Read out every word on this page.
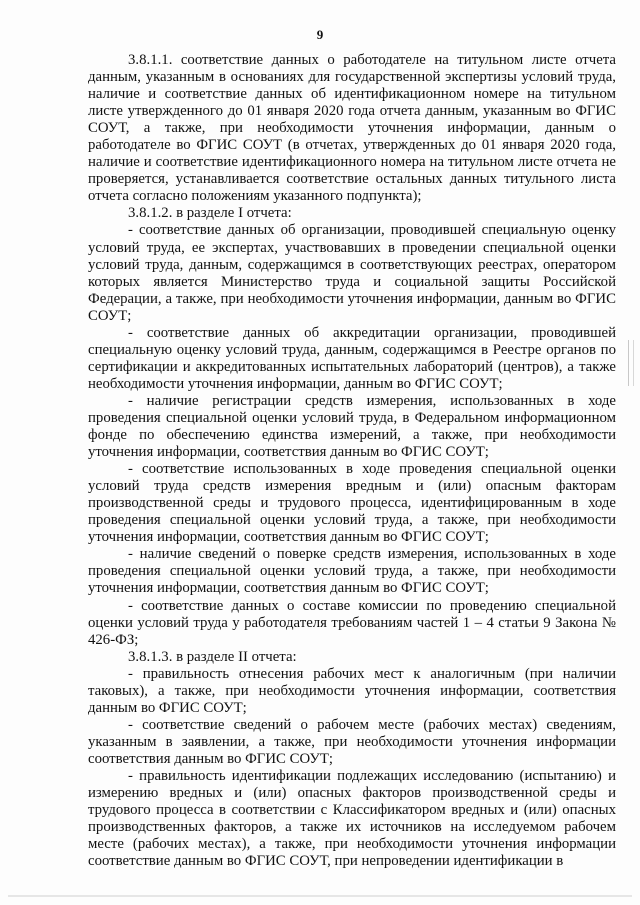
9

3.8.1.1. соответствие данных о работодателе на титульном листе отчета данным, указанным в основаниях для государственной экспертизы условий труда, наличие и соответствие данных об идентификационном номере на титульном листе утвержденного до 01 января 2020 года отчета данным, указанным во ФГИС СОУТ, а также, при необходимости уточнения информации, данным о работодателе во ФГИС СОУТ (в отчетах, утвержденных до 01 января 2020 года, наличие и соответствие идентификационного номера на титульном листе отчета не проверяется, устанавливается соответствие остальных данных титульного листа отчета согласно положениям указанного подпункта);

3.8.1.2. в разделе I отчета:

- соответствие данных об организации, проводившей специальную оценку условий труда, ее экспертах, участвовавших в проведении специальной оценки условий труда, данным, содержащимся в соответствующих реестрах, оператором которых является Министерство труда и социальной защиты Российской Федерации, а также, при необходимости уточнения информации, данным во ФГИС СОУТ;

- соответствие данных об аккредитации организации, проводившей специальную оценку условий труда, данным, содержащимся в Реестре органов по сертификации и аккредитованных испытательных лабораторий (центров), а также необходимости уточнения информации, данным во ФГИС СОУТ;

- наличие регистрации средств измерения, использованных в ходе проведения специальной оценки условий труда, в Федеральном информационном фонде по обеспечению единства измерений, а также, при необходимости уточнения информации, соответствия данным во ФГИС СОУТ;

- соответствие использованных в ходе проведения специальной оценки условий труда средств измерения вредным и (или) опасным факторам производственной среды и трудового процесса, идентифицированным в ходе проведения специальной оценки условий труда, а также, при необходимости уточнения информации, соответствия данным во ФГИС СОУТ;

- наличие сведений о поверке средств измерения, использованных в ходе проведения специальной оценки условий труда, а также, при необходимости уточнения информации, соответствия данным во ФГИС СОУТ;

- соответствие данных о составе комиссии по проведению специальной оценки условий труда у работодателя требованиям частей 1 – 4 статьи 9 Закона № 426-ФЗ;

3.8.1.3. в разделе II отчета:

- правильность отнесения рабочих мест к аналогичным (при наличии таковых), а также, при необходимости уточнения информации, соответствия данным во ФГИС СОУТ;

- соответствие сведений о рабочем месте (рабочих местах) сведениям, указанным в заявлении, а также, при необходимости уточнения информации соответствия данным во ФГИС СОУТ;

- правильность идентификации подлежащих исследованию (испытанию) и измерению вредных и (или) опасных факторов производственной среды и трудового процесса в соответствии с Классификатором вредных и (или) опасных производственных факторов, а также их источников на исследуемом рабочем месте (рабочих местах), а также, при необходимости уточнения информации соответствие данным во ФГИС СОУТ, при непроведении идентификации в
